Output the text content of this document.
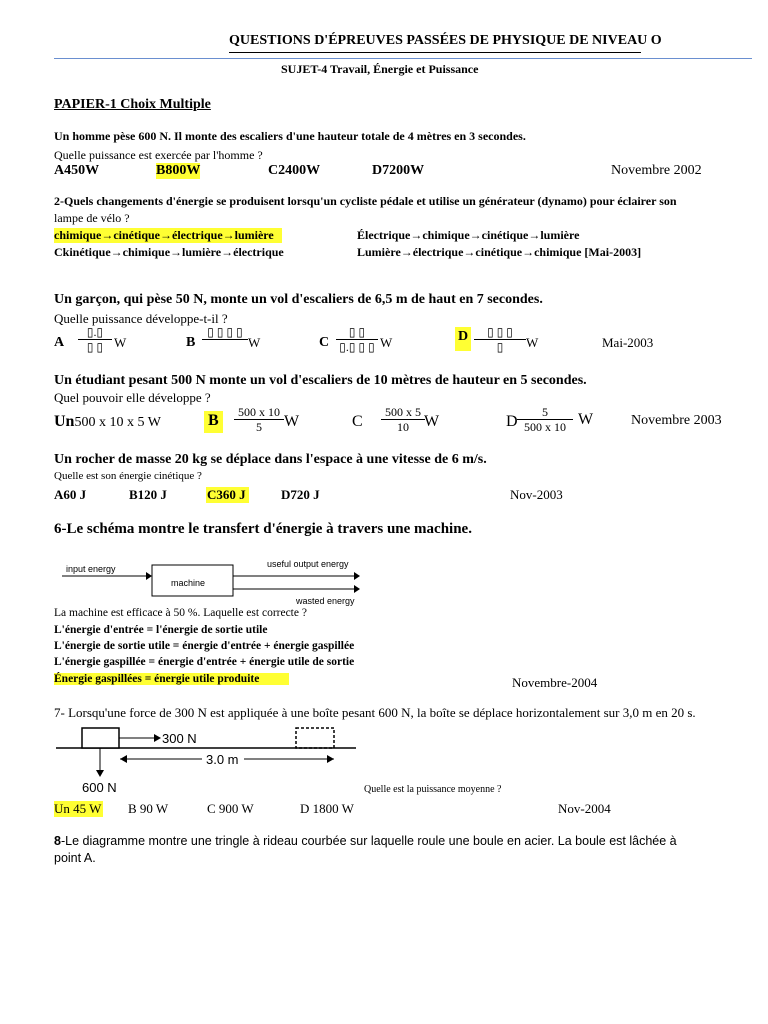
QUESTIONS D'ÉPREUVES PASSÉES DE PHYSIQUE DE NIVEAU O
SUJET-4 Travail, Énergie et Puissance
PAPIER-1 Choix Multiple
Un homme pèse 600 N. Il monte des escaliers d'une hauteur totale de 4 mètres en 3 secondes.
Quelle puissance est exercée par l'homme ?
A450W	B800W	C2400W	D7200W	Novembre 2002
2-Quels changements d'énergie se produisent lorsqu'un cycliste pédale et utilise un générateur (dynamo) pour éclairer son
lampe de vélo ?
chimique→cinétique→électrique→lumière	Électrique→chimique→cinétique→lumière
Ckinétique→chimique→lumière→électrique	Lumière→électrique→cinétique→chimique [Mai-2003]
Un garçon, qui pèse 50 N, monte un vol d'escaliers de 6,5 m de haut en 7 secondes.
Quelle puissance développe-t-il ?
A
▯.▯
▯ ▯ W	B
▯ ▯ ▯ ▯
W	C
▯ ▯
▯.▯ ▯ ▯ W	D	▯ ▯ ▯
▯	W	Mai-2003
Un étudiant pesant 500 N monte un vol d'escaliers de 10 mètres de hauteur en 5 secondes.
Quel pouvoir elle développe ?
Un500 x 10 x 5 W	B	500 x 10
5	W	C
500 x 5
10 W	D
5
500 x 10 W	Novembre 2003
Un rocher de masse 20 kg se déplace dans l'espace à une vitesse de 6 m/s.
Quelle est son énergie cinétique ?
A60 J	B120 J	C360 J	D720 J	Nov-2003
6-Le schéma montre le transfert d'énergie à travers une machine.
input energy
machine
useful output energy
wasted energy
La machine est efficace à 50 %. Laquelle est correcte ?
L'énergie d'entrée = l'énergie de sortie utile
L'énergie de sortie utile = énergie d'entrée + énergie gaspillée
L'énergie gaspillée = énergie d'entrée + énergie utile de sortie
Énergie gaspillées = énergie utile produite	Novembre-2004
7- Lorsqu'une force de 300 N est appliquée à une boîte pesant 600 N, la boîte se déplace horizontalement sur 3,0 m en 20 s.
300 N
600 N
3.0 m
Quelle est la puissance moyenne ?
Un 45 W B 90 W	C 900 W	D 1800 W	Nov-2004
8-Le diagramme montre une tringle à rideau courbée sur laquelle roule une boule en acier. La boule est lâchée à
point A.
